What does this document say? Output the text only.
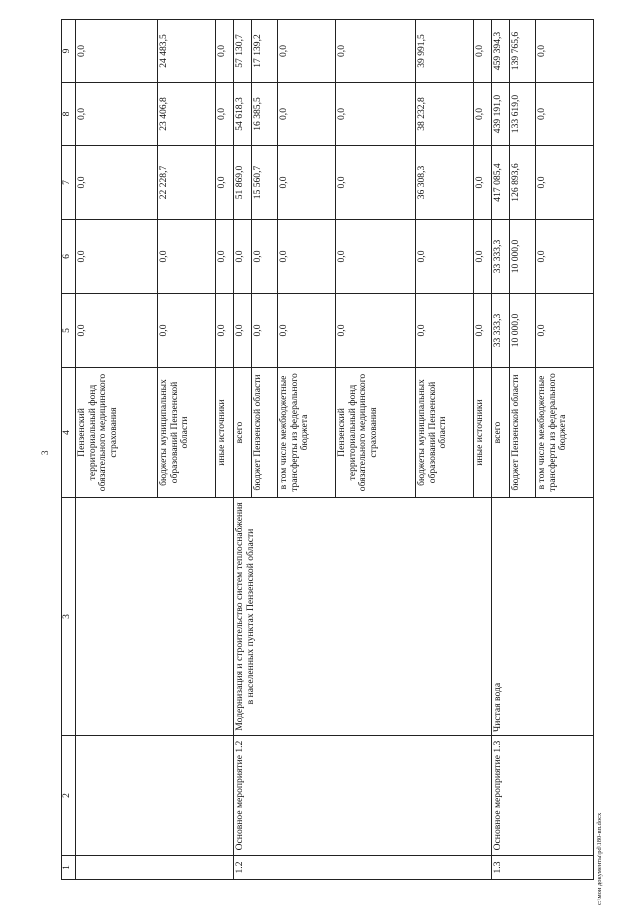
3
1	2	3	4	5	6	7	8	9
			Пензенский территориальный фонд обязательного медицинского страхования	0,0	0,0	0,0	0,0	0,0
			бюджеты муниципальных образований Пензенской области	0,0	0,0	22 228,7	23 406,8	24 483,5
			иные источники	0,0	0,0	0,0	0,0	0,0
1.2	Основное мероприятие 1.2	Модернизация и строительство систем теплоснабжения в населенных пунктах Пензенской области	всего	0,0	0,0	51 869,0	54 618,3	57 130,7
			бюджет Пензенской области	0,0	0,0	15 560,7	16 385,5	17 139,2
			в том числе межбюджетные трансферты из федерального бюджета	0,0	0,0	0,0	0,0	0,0
			Пензенский территориальный фонд обязательного медицинского страхования	0,0	0,0	0,0	0,0	0,0
			бюджеты муниципальных образований Пензенской области	0,0	0,0	36 308,3	38 232,8	39 991,5
			иные источники	0,0	0,0	0,0	0,0	0,0
1.3	Основное мероприятие 1.3	Чистая вода	всего	33 333,3	33 333,3	417 085,4	439 191,0	459 394,3
			бюджет Пензенской области	10 000,0	10 000,0	126 893,6	133 619,0	139 765,6
			в том числе межбюджетные трансферты из федерального бюджета	0,0	0,0	0,0	0,0	0,0
c:\мои документы\pd\180-вп.docx
